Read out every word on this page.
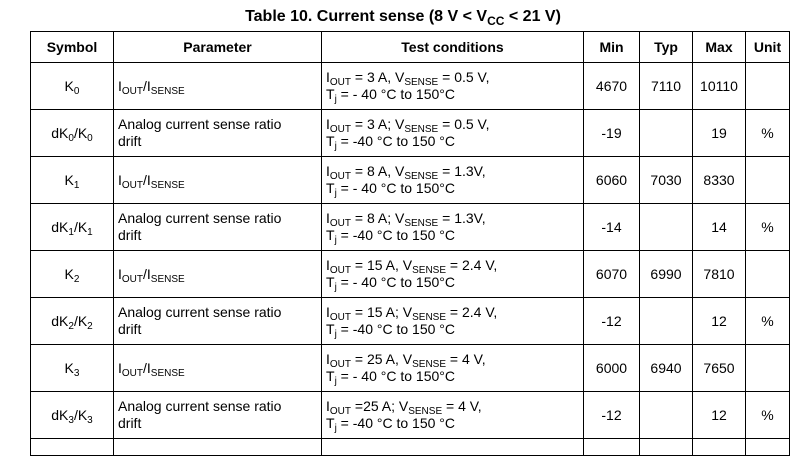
Table 10. Current sense (8 $V < V_{CC} < 21$ V)
Symbol	Parameter	Test conditions	Min	Typ	Max	Unit
$K_0$	$I_{OUT}/I_{SENSE}$	$I_{OUT} = 3$ A, $V_{SENSE} = 0.5$ V,
$T_j$ = - 40 °C to 150°C	4670	7110	10110	
$dK_0/K_0$	Analog current sense ratio
drift	$I_{OUT} = 3$ A; $V_{SENSE} = 0.5$ V,
$T_j = -40$ °C to 150 °C	-19		19	%
$K_1$	$I_{OUT}/I_{SENSE}$	$I_{OUT} = 8$ A, $V_{SENSE} = 1.3V$,
$T_j$ = - 40 °C to 150°C	6060	7030	8330	
$dK_1/K_1$	Analog current sense ratio
drift	$I_{OUT} = 8$ A; $V_{SENSE} = 1.3V$,
$T_j = -40$ °C to 150 °C	-14		14	%
$K_2$	$I_{OUT}/I_{SENSE}$	$I_{OUT} = 15$ A, $V_{SENSE} = 2.4$ V,
$T_j$ = - 40 °C to 150°C	6070	6990	7810	
$dK_2/K_2$	Analog current sense ratio
drift	$I_{OUT} = 15$ A; $V_{SENSE} = 2.4$ V,
$T_j = -40$ °C to 150 °C	-12		12	%
$K_3$	$I_{OUT}/I_{SENSE}$	$I_{OUT} = 25$ A, $V_{SENSE} = 4$ V,
$T_j$ = - 40 °C to 150°C	6000	6940	7650	
$dK_3/K_3$	Analog current sense ratio
drift	$I_{OUT} =25$ A; $V_{SENSE} = 4$ V,
$T_j = -40$ °C to 150 °C	-12		12	%
